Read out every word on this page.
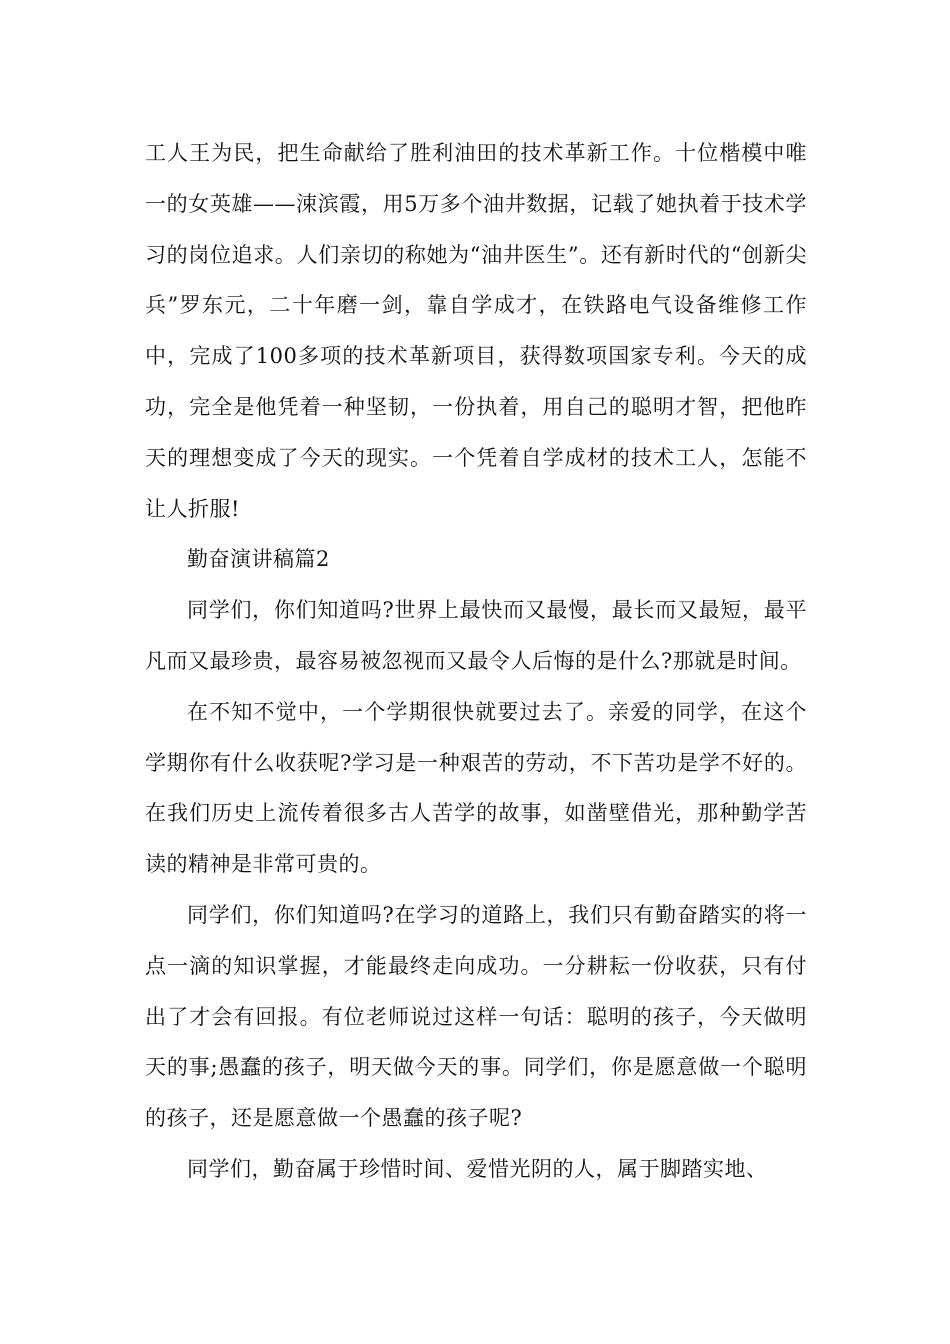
工人王为民，把生命献给了胜利油田的技术革新工作。十位楷模中唯一的女英雄——涑滨霞，用5万多个油井数据，记载了她执着于技术学习的岗位追求。人们亲切的称她为“油井医生”。还有新时代的“创新尖兵”罗东元，二十年磨一剑，靠自学成才，在铁路电气设备维修工作中，完成了100多项的技术革新项目，获得数项国家专利。今天的成功，完全是他凭着一种坚韧，一份执着，用自己的聪明才智，把他昨天的理想变成了今天的现实。一个凭着自学成材的技术工人，怎能不让人折服!

勤奋演讲稿篇2

同学们，你们知道吗?世界上最快而又最慢，最长而又最短，最平凡而又最珍贵，最容易被忽视而又最令人后悔的是什么?那就是时间。

在不知不觉中，一个学期很快就要过去了。亲爱的同学，在这个学期你有什么收获呢?学习是一种艰苦的劳动，不下苦功是学不好的。在我们历史上流传着很多古人苦学的故事，如凿壁借光，那种勤学苦读的精神是非常可贵的。

同学们，你们知道吗?在学习的道路上，我们只有勤奋踏实的将一点一滴的知识掌握，才能最终走向成功。一分耕耘一份收获，只有付出了才会有回报。有位老师说过这样一句话：聪明的孩子，今天做明天的事;愚蠢的孩子，明天做今天的事。同学们，你是愿意做一个聪明的孩子，还是愿意做一个愚蠢的孩子呢?

同学们，勤奋属于珍惜时间、爱惜光阴的人，属于脚踏实地、
